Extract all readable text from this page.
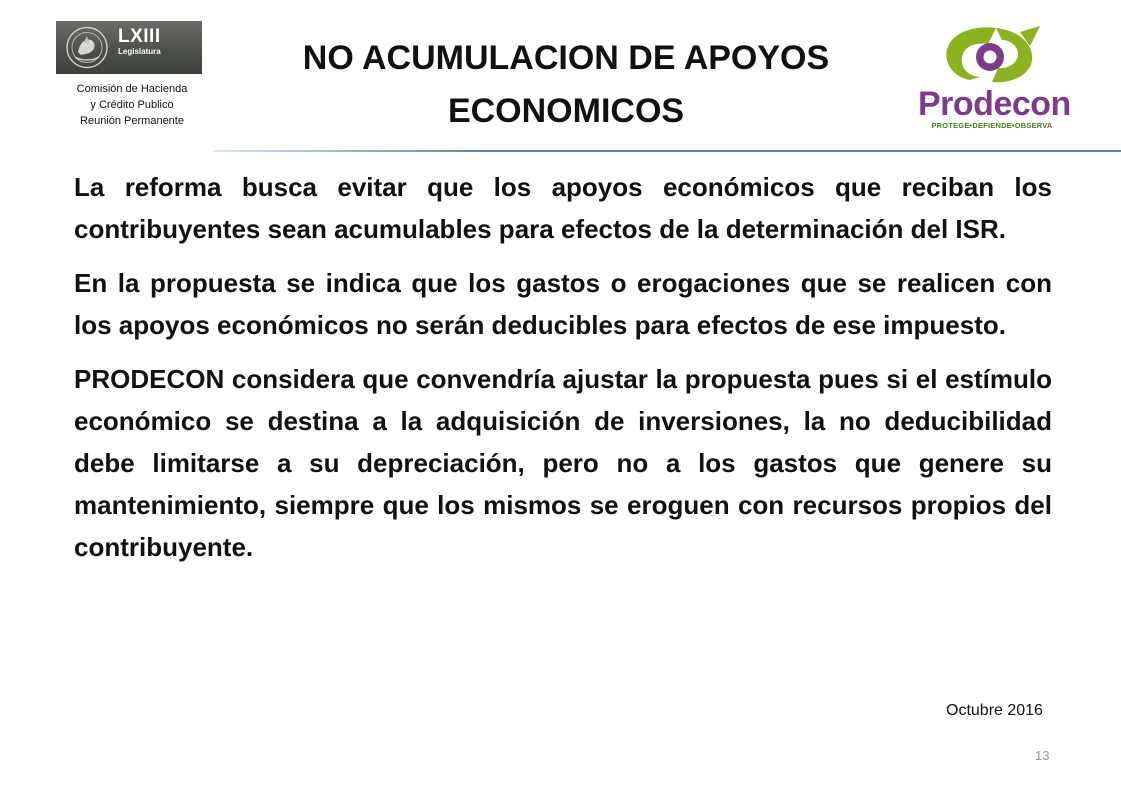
LXIII
Legislatura
Comisión de Hacienda
y Crédito Publico
Reunión Permanente
NO ACUMULACION DE APOYOS
ECONOMICOS	Prodecon
PROTEGE•DEFIENDE•OBSERVA

La reforma busca evitar que los apoyos económicos que reciban los contribuyentes sean acumulables para efectos de la determinación del ISR.

En la propuesta se indica que los gastos o erogaciones que se realicen con los apoyos económicos no serán deducibles para efectos de ese impuesto.

PRODECON considera que convendría ajustar la propuesta pues si el estímulo económico se destina a la adquisición de inversiones, la no deducibilidad debe limitarse a su depreciación, pero no a los gastos que genere su mantenimiento, siempre que los mismos se eroguen con recursos propios del contribuyente.

Octubre 2016
13
